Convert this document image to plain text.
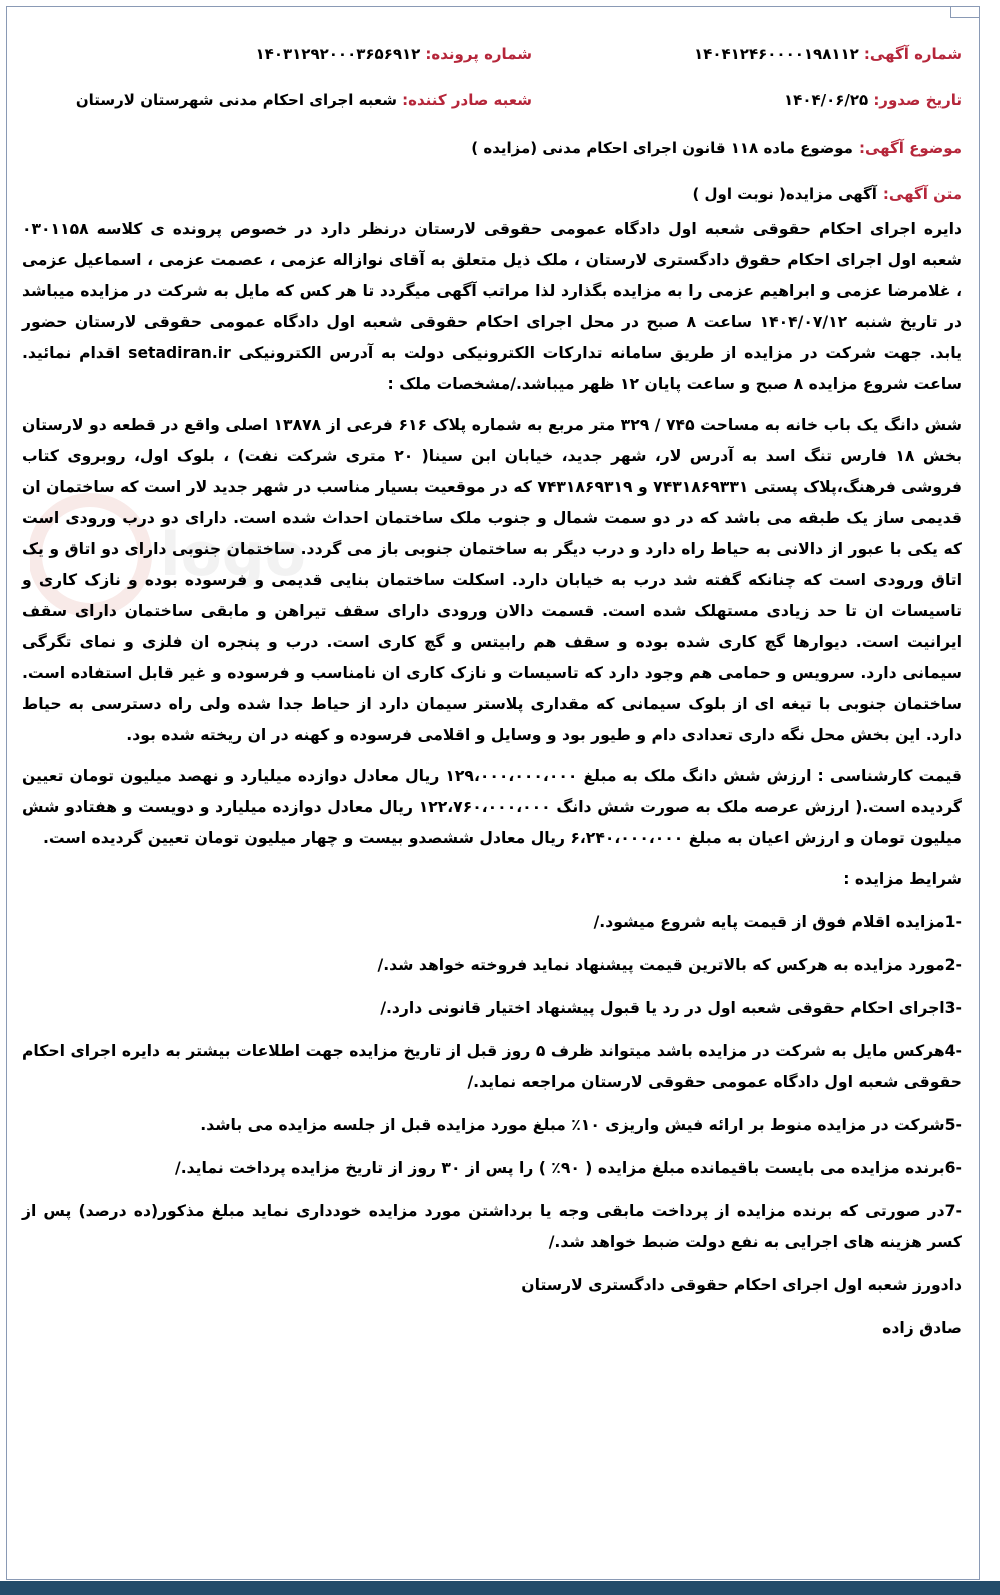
شماره آگهی: ۱۴۰۴۱۲۴۶۰۰۰۰۱۹۸۱۱۲
شماره پرونده: ۱۴۰۳۱۲۹۲۰۰۰۳۶۵۶۹۱۲
تاریخ صدور: ۱۴۰۴/۰۶/۲۵
شعبه صادر کننده: شعبه اجرای احکام مدنی شهرستان لارستان
موضوع آگهی:
موضوع ماده ۱۱۸ قانون اجرای احکام مدنی (مزایده )
متن آگهی:
آگهی مزایده( نوبت اول )

دایره اجرای احکام حقوقی شعبه اول دادگاه عمومی حقوقی لارستان درنظر دارد در خصوص پرونده ی کلاسه ۰۳۰۱۱۵۸ شعبه اول اجرای احکام حقوق دادگستری لارستان ، ملک ذیل متعلق به آقای نوازاله عزمی ، عصمت عزمی ، اسماعیل عزمی ، غلامرضا عزمی و ابراهیم عزمی را به مزایده بگذارد لذا مراتب آگهی میگردد تا هر کس که مایل به شرکت در مزایده میباشد در تاریخ شنبه ۱۴۰۴/۰۷/۱۲ ساعت ۸ صبح در محل اجرای احکام حقوقی شعبه اول دادگاه عمومی حقوقی لارستان حضور یابد. جهت شرکت در مزایده از طریق سامانه تدارکات الکترونیکی دولت به آدرس الکترونیکی setadiran.ir اقدام نمائید. ساعت شروع مزایده ۸ صبح و ساعت پایان ۱۲ ظهر میباشد./مشخصات ملک :

شش دانگ یک باب خانه به مساحت ۷۴۵ / ۳۲۹ متر مربع به شماره پلاک ۶۱۶ فرعی از ۱۳۸۷۸ اصلی واقع در قطعه دو لارستان بخش ۱۸ فارس تنگ اسد به آدرس لار، شهر جدید، خیابان ابن سینا( ۲۰ متری شرکت نفت) ، بلوک اول، روبروی کتاب فروشی فرهنگ،پلاک پستی ۷۴۳۱۸۶۹۳۳۱ و ۷۴۳۱۸۶۹۳۱۹ که در موقعیت بسیار مناسب در شهر جدید لار است که ساختمان ان قدیمی ساز یک طبقه می باشد که در دو سمت شمال و جنوب ملک ساختمان احداث شده است. دارای دو درب ورودی است که یکی با عبور از دالانی به حیاط راه دارد و درب دیگر به ساختمان جنوبی باز می گردد. ساختمان جنوبی دارای دو اتاق و یک اتاق ورودی است که چنانکه گفته شد درب به خیابان دارد. اسکلت ساختمان بنایی قدیمی و فرسوده بوده و نازک کاری و تاسیسات ان تا حد زیادی مستهلک شده است. قسمت دالان ورودی دارای سقف تیراهن و مابقی ساختمان دارای سقف ایرانیت است. دیوارها گچ کاری شده بوده و سقف هم رابیتس و گچ کاری است. درب و پنجره ان فلزی و نمای تگرگی سیمانی دارد. سرویس و حمامی هم وجود دارد که تاسیسات و نازک کاری ان نامناسب و فرسوده و غیر قابل استفاده است. ساختمان جنوبی با تیغه ای از بلوک سیمانی که مقداری پلاستر سیمان دارد از حیاط جدا شده ولی راه دسترسی به حیاط دارد. این بخش محل نگه داری تعدادی دام و طیور بود و وسایل و اقلامی فرسوده و کهنه در ان ریخته شده بود.

قیمت کارشناسی : ارزش شش دانگ ملک به مبلغ ۱۲۹،۰۰۰،۰۰۰،۰۰۰ ریال معادل دوازده میلیارد و نهصد میلیون تومان تعیین گردیده است.( ارزش عرصه ملک به صورت شش دانگ ۱۲۲،۷۶۰،۰۰۰،۰۰۰ ریال معادل دوازده میلیارد و دویست و هفتادو شش میلیون تومان و ارزش اعیان به مبلغ ۶،۲۴۰،۰۰۰،۰۰۰ ریال معادل ششصدو بیست و چهار میلیون تومان تعیین گردیده است.

شرایط مزایده :

-1مزایده اقلام فوق از قیمت پایه شروع میشود./

-2مورد مزایده به هرکس که بالاترین قیمت پیشنهاد نماید فروخته خواهد شد./

-3اجرای احکام حقوقی شعبه اول در رد یا قبول پیشنهاد اختیار قانونی دارد./

-4هرکس مایل به شرکت در مزایده باشد میتواند ظرف ۵ روز قبل از تاریخ مزایده جهت اطلاعات بیشتر به دایره اجرای احکام حقوقی شعبه اول دادگاه عمومی حقوقی لارستان مراجعه نماید./

-5شرکت در مزایده منوط بر ارائه فیش واریزی ۱۰٪ مبلغ مورد مزایده قبل از جلسه مزایده می باشد.

-6برنده مزایده می بایست باقیمانده مبلغ مزایده ( ۹۰٪ ) را پس از ۳۰ روز از تاریخ مزایده پرداخت نماید./

-7در صورتی که برنده مزایده از پرداخت مابقی وجه یا برداشتن مورد مزایده خودداری نماید مبلغ مذکور(ده درصد) پس از کسر هزینه های اجرایی به نفع دولت ضبط خواهد شد./

دادورز شعبه اول اجرای احکام حقوقی دادگستری لارستان

صادق زاده
